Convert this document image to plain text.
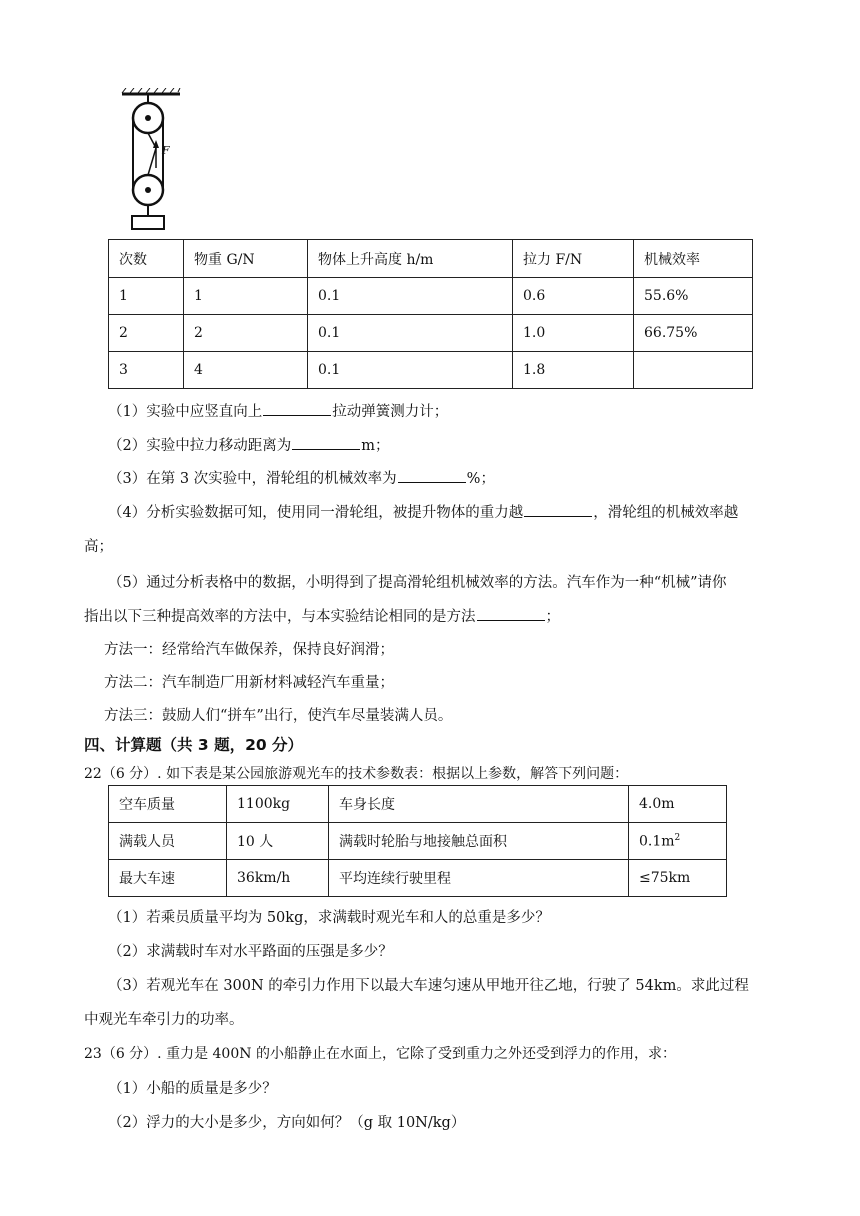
F
次数	物重 G/N	物体上升高度 h/m	拉力 F/N	机械效率
1	1	0.1	0.6	55.6%
2	2	0.1	1.0	66.75%
3	4	0.1	1.8	
（1）实验中应竖直向上	拉动弹簧测力计；
（2）实验中拉力移动距离为	m；
（3）在第 3 次实验中，滑轮组的机械效率为	%；
（4）分析实验数据可知，使用同一滑轮组，被提升物体的重力越	，滑轮组的机械效率越
高；
（5）通过分析表格中的数据，小明得到了提高滑轮组机械效率的方法。汽车作为一种“机械”请你
指出以下三种提高效率的方法中，与本实验结论相同的是方法	；
方法一：经常给汽车做保养，保持良好润滑；
方法二：汽车制造厂用新材料减轻汽车重量；
方法三：鼓励人们“拼车”出行，使汽车尽量装满人员。
四、计算题（共 3 题，20 分）
22（6 分）. 如下表是某公园旅游观光车的技术参数表：根据以上参数，解答下列问题：
空车质量	1100kg	车身长度	4.0m
满载人员	10 人	满载时轮胎与地接触总面积	$0.1m^2$
最大车速	36km/h	平均连续行驶里程	≤75km
（1）若乘员质量平均为 50kg，求满载时观光车和人的总重是多少？
（2）求满载时车对水平路面的压强是多少？
（3）若观光车在 300N 的牵引力作用下以最大车速匀速从甲地开往乙地，行驶了 54km。求此过程
中观光车牵引力的功率。
23（6 分）. 重力是 400N 的小船静止在水面上，它除了受到重力之外还受到浮力的作用，求：
（1）小船的质量是多少？
（2）浮力的大小是多少，方向如何？（g 取 10N/kg）
